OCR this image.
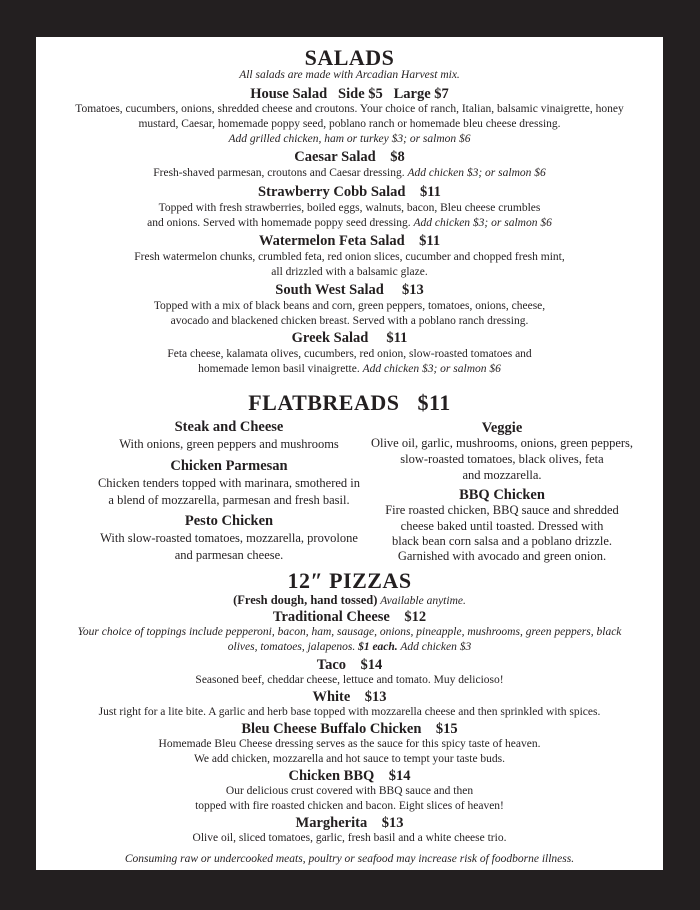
SALADS
All salads are made with Arcadian Harvest mix.
House Salad Side $5 Large $7
Tomatoes, cucumbers, onions, shredded cheese and croutons. Your choice of ranch, Italian, balsamic vinaigrette, honey
mustard, Caesar, homemade poppy seed, poblano ranch or homemade bleu cheese dressing.
Add grilled chicken, ham or turkey $3; or salmon $6
Caesar Salad $8
Fresh-shaved parmesan, croutons and Caesar dressing. Add chicken $3; or salmon $6
Strawberry Cobb Salad $11
Topped with fresh strawberries, boiled eggs, walnuts, bacon, Bleu cheese crumbles
and onions. Served with homemade poppy seed dressing. Add chicken $3; or salmon $6
Watermelon Feta Salad $11
Fresh watermelon chunks, crumbled feta, red onion slices, cucumber and chopped fresh mint,
all drizzled with a balsamic glaze.
South West Salad $13
Topped with a mix of black beans and corn, green peppers, tomatoes, onions, cheese,
avocado and blackened chicken breast. Served with a poblano ranch dressing.
Greek Salad $11
Feta cheese, kalamata olives, cucumbers, red onion, slow-roasted tomatoes and
homemade lemon basil vinaigrette. Add chicken $3; or salmon $6
FLATBREADS $11
Steak and Cheese
With onions, green peppers and mushrooms
Chicken Parmesan
Chicken tenders topped with marinara, smothered in
a blend of mozzarella, parmesan and fresh basil.
Pesto Chicken
With slow-roasted tomatoes, mozzarella, provolone
and parmesan cheese.
Veggie
Olive oil, garlic, mushrooms, onions, green peppers,
slow-roasted tomatoes, black olives, feta
and mozzarella.
BBQ Chicken
Fire roasted chicken, BBQ sauce and shredded
cheese baked until toasted. Dressed with
black bean corn salsa and a poblano drizzle.
Garnished with avocado and green onion.
12″ PIZZAS
(Fresh dough, hand tossed) Available anytime.
Traditional Cheese $12
Your choice of toppings include pepperoni, bacon, ham, sausage, onions, pineapple, mushrooms, green peppers, black
olives, tomatoes, jalapenos. $1 each. Add chicken $3
Taco $14
Seasoned beef, cheddar cheese, lettuce and tomato. Muy delicioso!
White $13
Just right for a lite bite. A garlic and herb base topped with mozzarella cheese and then sprinkled with spices.
Bleu Cheese Buffalo Chicken $15
Homemade Bleu Cheese dressing serves as the sauce for this spicy taste of heaven.
We add chicken, mozzarella and hot sauce to tempt your taste buds.
Chicken BBQ $14
Our delicious crust covered with BBQ sauce and then
topped with fire roasted chicken and bacon. Eight slices of heaven!
Margherita $13
Olive oil, sliced tomatoes, garlic, fresh basil and a white cheese trio.
Consuming raw or undercooked meats, poultry or seafood may increase risk of foodborne illness.
